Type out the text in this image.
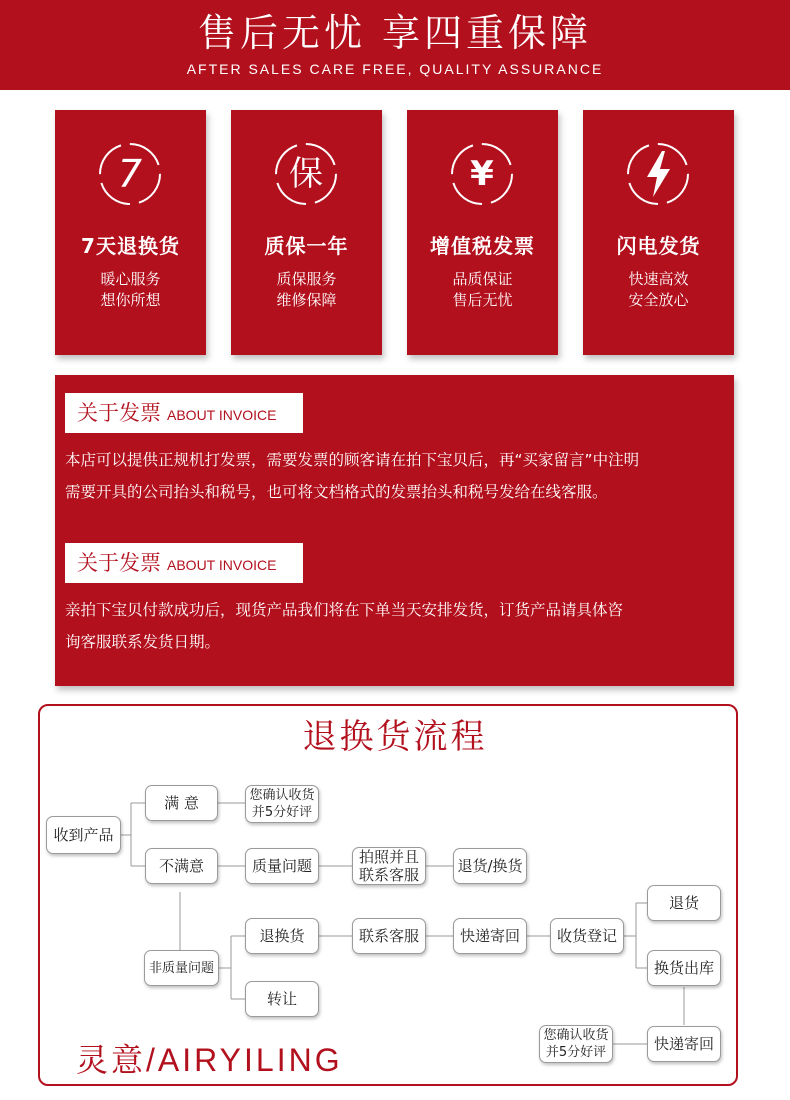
售后无忧 享四重保障
AFTER SALES CARE FREE, QUALITY ASSURANCE
7
7天退换货
暖心服务
想你所想
保
质保一年
质保服务
维修保障
¥
增值税发票
品质保证
售后无忧
闪电发货
快速高效
安全放心
关于发票 ABOUT INVOICE
本店可以提供正规机打发票，需要发票的顾客请在拍下宝贝后，再“买家留言”中注明
需要开具的公司抬头和税号，也可将文档格式的发票抬头和税号发给在线客服。
关于发票 ABOUT INVOICE
亲拍下宝贝付款成功后，现货产品我们将在下单当天安排发货，订货产品请具体咨
询客服联系发货日期。
退换货流程
收到产品
满 意	您确认收货
并5分好评
不满意	质量问题	拍照并且
联系客服	退货/换货
非质量问题
退换货	联系客服	快递寄回	收货登记
退货
换货出库
转让
快递寄回
您确认收货
并5分好评
灵意/AIRYILING
